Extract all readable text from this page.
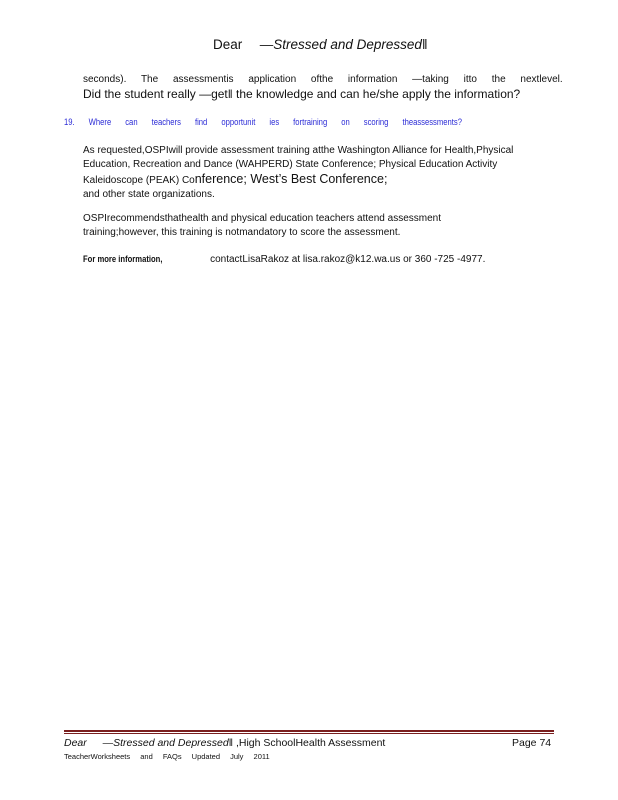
Dear —Stressed and Depressed‖
seconds). The assessmentis application ofthe information —taking itto the nextlevel.
Did the student really —get‖ the knowledge and can he/she apply the information?
19. Where can teachers find opportunit ies fortraining on scoring theassessments?
As requested,OSPIwill provide assessment training atthe Washington Alliance for Health,Physical Education, Recreation and Dance (WAHPERD) State Conference; Physical Education Activity Kaleidoscope (PEAK) Conference; West’s Best Conference;
and other state organizations.
OSPIrecommendsthathealth and physical education teachers attend assessment training;however, this training is notmandatory to score the assessment.
For more information,	contactLisaRakoz at lisa.rakoz@k12.wa.us or 360 -725 -4977.
Dear —Stressed and Depressed‖ ,High SchoolHealth Assessment	Page 74
TeacherWorksheets and FAQs Updated July 2011
